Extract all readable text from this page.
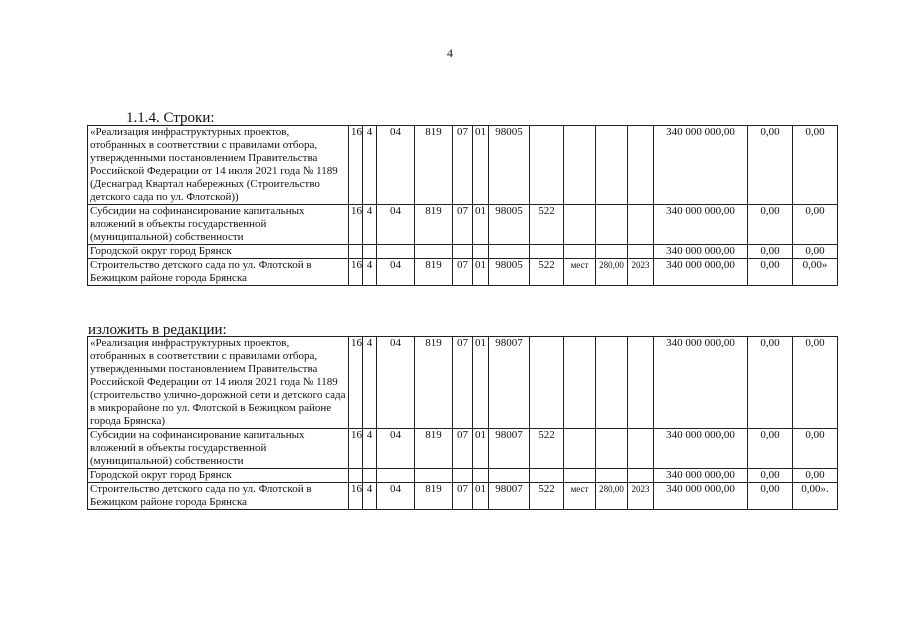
4
1.1.4. Строки:
изложить в редакции:
«Реализация инфраструктурных проектов, отобранных в соответствии с правилами отбора, утвержденными постановлением Правительства Российской Федерации от 14 июля 2021 года № 1189 (Деснаград Квартал набережных (Строительство детского сада по ул. Флотской))	16	4	04	819	07	01	98005					340 000 000,00	0,00	0,00
Субсидии на софинансирование капитальных вложений в объекты государственной (муниципальной) собственности	16	4	04	819	07	01	98005	522				340 000 000,00	0,00	0,00
Городской округ город Брянск												340 000 000,00	0,00	0,00
Строительство детского сада по ул. Флотской в Бежицком районе города Брянска	16	4	04	819	07	01	98005	522	мест	280,00	2023	340 000 000,00	0,00	0,00»
«Реализация инфраструктурных проектов, отобранных в соответствии с правилами отбора, утвержденными постановлением Правительства Российской Федерации от 14 июля 2021 года № 1189 (строительство улично-дорожной сети и детского сада в микрорайоне по ул. Флотской в Бежицком районе города Брянска)	16	4	04	819	07	01	98007					340 000 000,00	0,00	0,00
Субсидии на софинансирование капитальных вложений в объекты государственной (муниципальной) собственности	16	4	04	819	07	01	98007	522				340 000 000,00	0,00	0,00
Городской округ город Брянск												340 000 000,00	0,00	0,00
Строительство детского сада по ул. Флотской в Бежицком районе города Брянска	16	4	04	819	07	01	98007	522	мест	280,00	2023	340 000 000,00	0,00	0,00».
